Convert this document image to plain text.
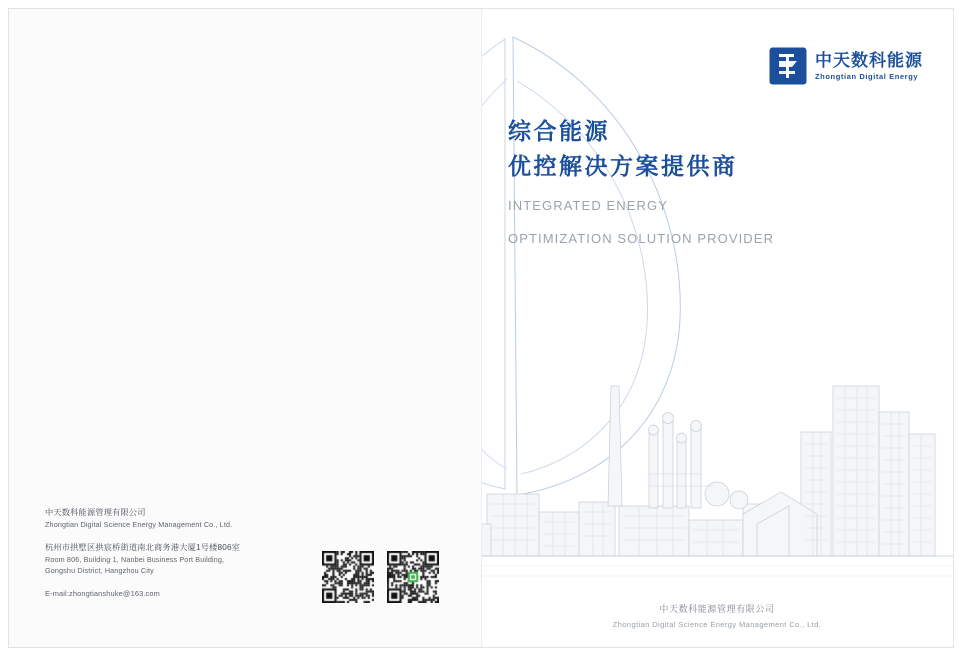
中天数科能源
Zhongtian Digital Energy
综合能源
优控解决方案提供商
INTEGRATED ENERGY
OPTIMIZATION SOLUTION PROVIDER
中天数科能源管理有限公司
Zhongtian Digital Science Energy Management Co., Ltd.
中天数科能源管理有限公司
Zhongtian Digital Science Energy Management Co., Ltd.
杭州市拱墅区拱宸桥街道南北商务港大厦1号楼806室
Room 806, Building 1, Nanbei Business Port Building,
Gongshu District, Hangzhou City
E-mail:zhongtianshuke@163.com
